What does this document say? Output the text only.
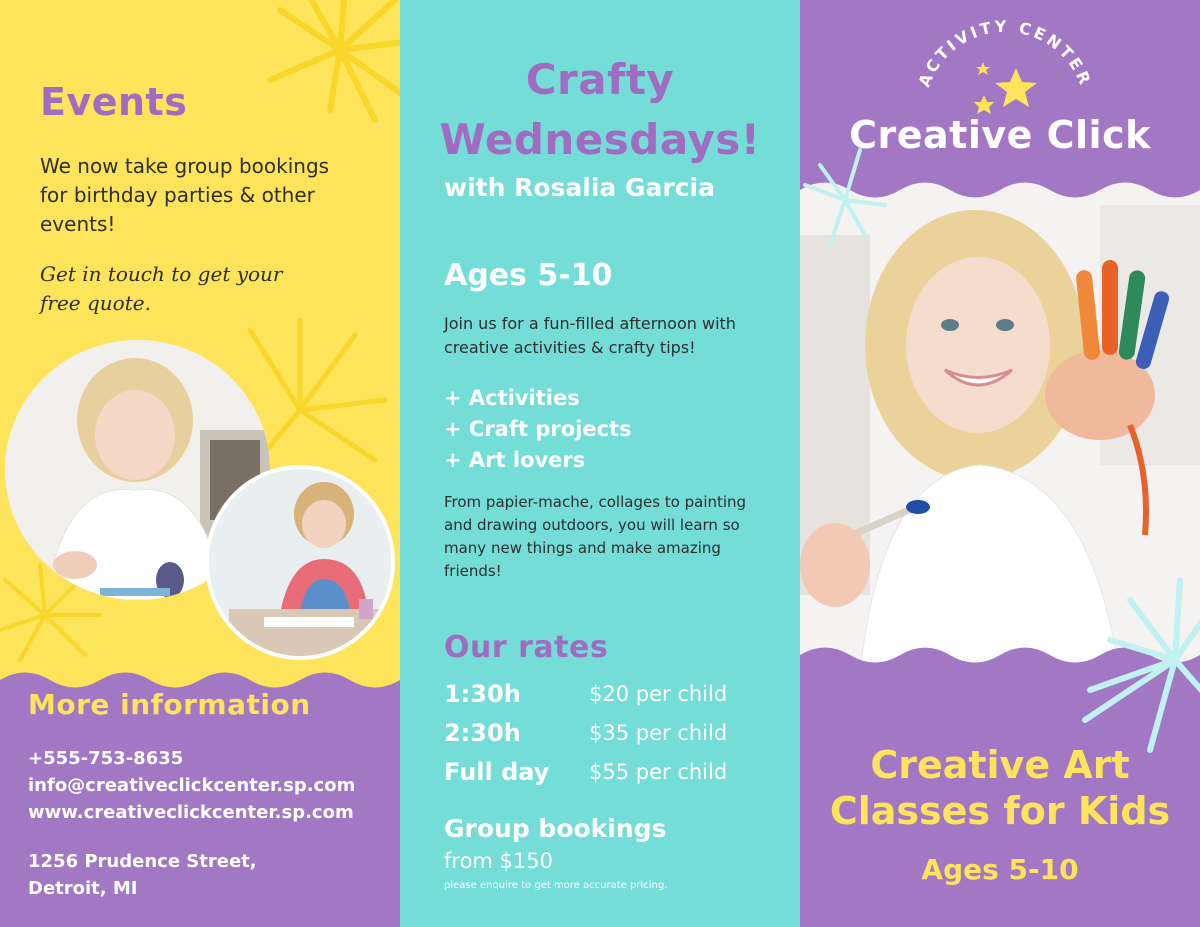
Events

We now take group bookings for birthday parties & other events!

Get in touch to get your free quote.

More information
+555-753-8635
info@creativeclickcenter.sp.com
www.creativeclickcenter.sp.com
1256 Prudence Street,
Detroit, MI
Crafty
Wednesdays!
with Rosalia Garcia
Ages 5-10

Join us for a fun-filled afternoon with creative activities & crafty tips!

+ Activities
+ Craft projects
+ Art lovers

From papier-mache, collages to painting and drawing outdoors, you will learn so many new things and make amazing friends!

Our rates
1:30h	$20 per child
2:30h	$35 per child
Full day $55 per child
Group bookings
from $150
please enquire to get more accurate pricing.
ACTIVITY CENTER
Creative Click
Creative Art
Classes for Kids
Ages 5-10
